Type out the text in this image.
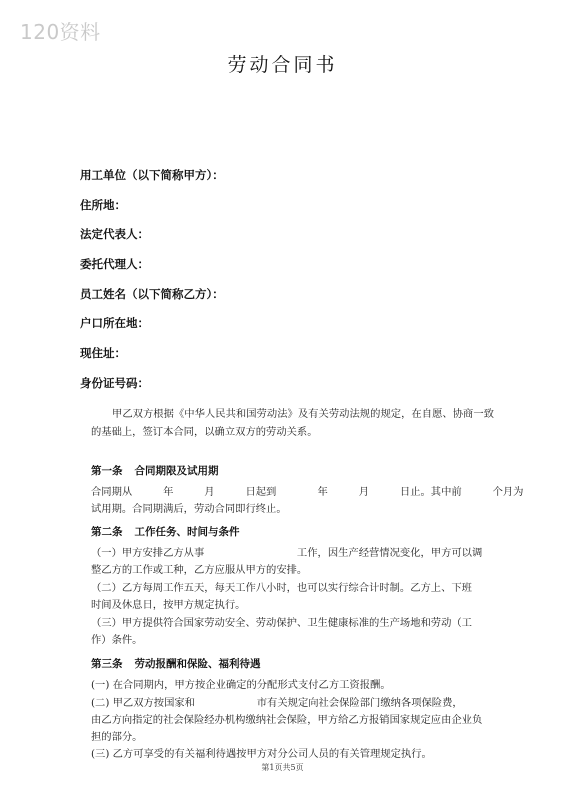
120资料
劳动合同书
用工单位（以下简称甲方）：
住所地：
法定代表人：
委托代理人：
员工姓名（以下简称乙方）：
户口所在地：
现住址：
身份证号码：
甲乙双方根据《中华人民共和国劳动法》及有关劳动法规的规定，在自愿、协商一致的基础上，签订本合同，以确立双方的劳动关系。
第一条 合同期限及试用期
合同期从　　　年　　　月　　　日起到　　　　年　　　月　　　日止。其中前　　　个月为
试用期。合同期满后，劳动合同即行终止。
第二条 工作任务、时间与条件
（一）甲方安排乙方从事　　　　　　　　　工作，因生产经营情况变化，甲方可以调
整乙方的工作或工种，乙方应服从甲方的安排。
（二）乙方每周工作五天，每天工作八小时，也可以实行综合计时制。乙方上、下班
时间及休息日，按甲方规定执行。
（三）甲方提供符合国家劳动安全、劳动保护、卫生健康标准的生产场地和劳动（工
作）条件。
第三条 劳动报酬和保险、福利待遇
(一) 在合同期内，甲方按企业确定的分配形式支付乙方工资报酬。
(二) 甲乙双方按国家和　　　　　　市有关规定向社会保险部门缴纳各项保险费，
由乙方向指定的社会保险经办机构缴纳社会保险，甲方给乙方报销国家规定应由企业负
担的部分。
(三) 乙方可享受的有关福利待遇按甲方对分公司人员的有关管理规定执行。
第1页共5页
